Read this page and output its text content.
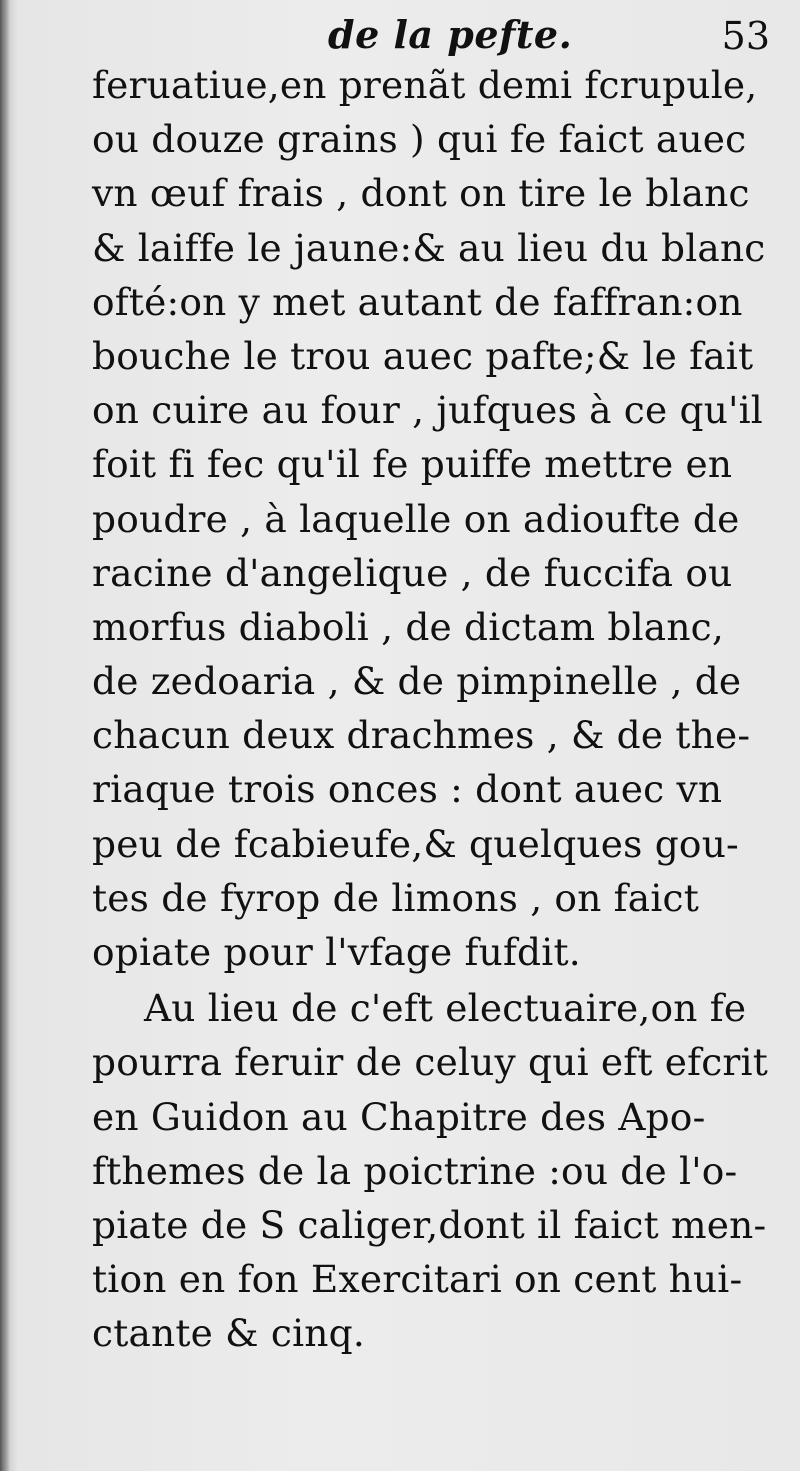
de la pefte.	53
feruatiue,en prenãt demi fcrupule,
ou douze grains ) qui fe faict auec
vn œuf frais , dont on tire le blanc
& laiffe le jaune:& au lieu du blanc
ofté:on y met autant de faffran:on
bouche le trou auec pafte;& le fait
on cuire au four , jufques à ce qu'il
foit fi fec qu'il fe puiffe mettre en
poudre , à laquelle on adioufte de
racine d'angelique , de fuccifa ou
morfus diaboli , de dictam blanc,
de zedoaria , & de pimpinelle , de
chacun deux drachmes , & de the-
riaque trois onces : dont auec vn
peu de fcabieufe,& quelques gou-
tes de fyrop de limons , on faict
opiate pour l'vfage fufdit.
Au lieu de c'eft electuaire,on fe
pourra feruir de celuy qui eft efcrit
en Guidon au Chapitre des Apo-
fthemes de la poictrine :ou de l'o-
piate de S caliger,dont il faict men-
tion en fon Exercitari on cent hui-
ctante & cinq.
